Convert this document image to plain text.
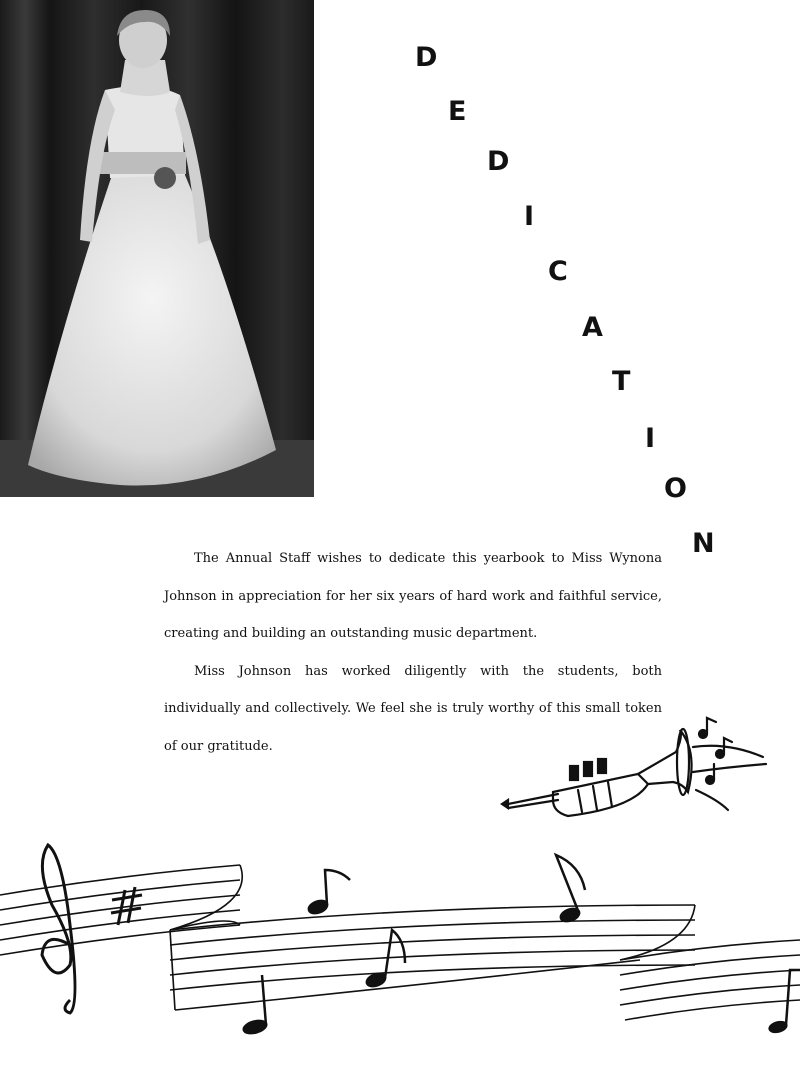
D
E
D
I
C
A
T
I
O
N

The Annual Staff wishes to dedicate this yearbook to Miss Wynona Johnson in appreciation for her six years of hard work and faithful service, creating and building an outstanding music department.

Miss Johnson has worked diligently with the students, both individually and collectively. We feel she is truly worthy of this small token of our gratitude.
